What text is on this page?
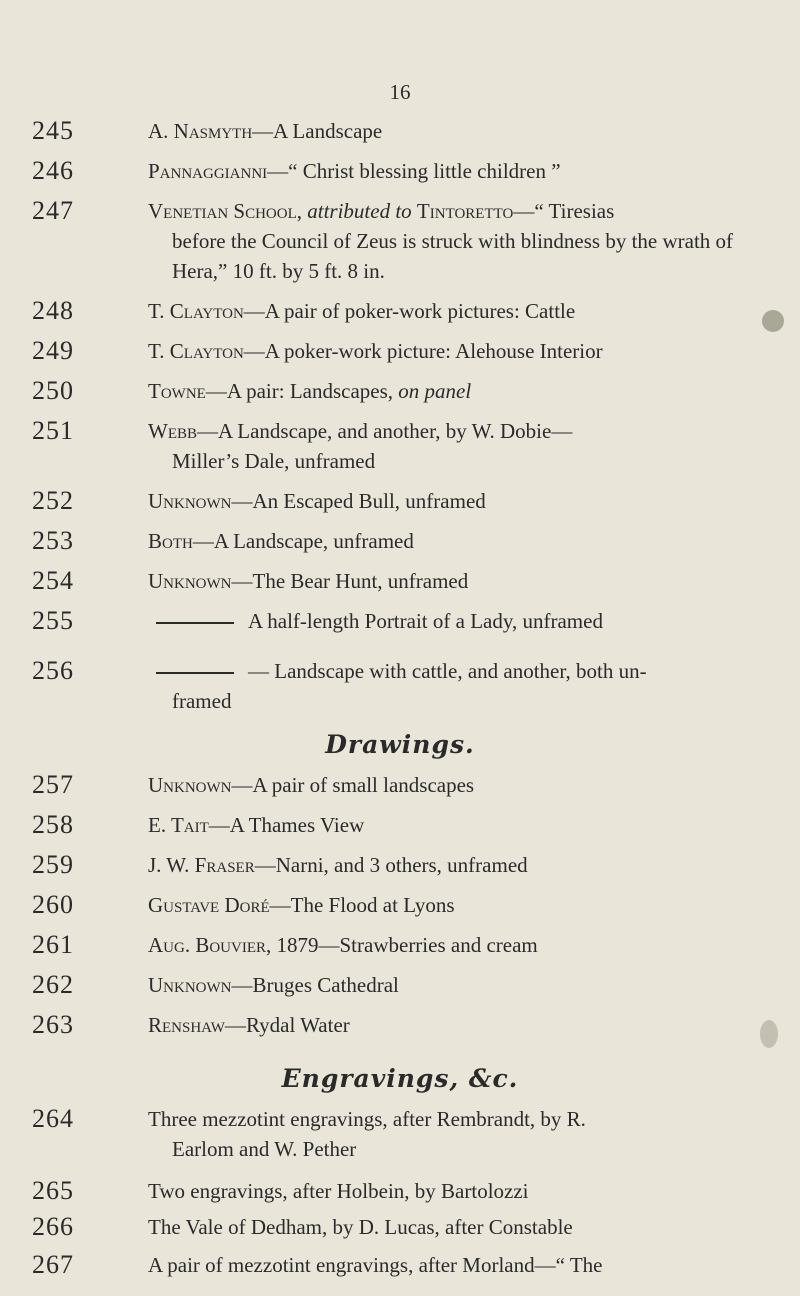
16
245	A. Nasmyth—A Landscape
246	Pannaggianni—“ Christ blessing little children ”
247	Venetian School, attributed to Tintoretto—“ Tiresias
before the Council of Zeus is struck with blindness by the wrath of Hera,” 10 ft. by 5 ft. 8 in.
248	T. Clayton—A pair of poker-work pictures: Cattle
249	T. Clayton—A poker-work picture: Alehouse Interior
250	Towne—A pair: Landscapes, on panel
251	Webb—A Landscape, and another, by W. Dobie—
Miller’s Dale, unframed
252	Unknown—An Escaped Bull, unframed
253	Both—A Landscape, unframed
254	Unknown—The Bear Hunt, unframed
255	A half-length Portrait of a Lady, unframed
256	— Landscape with cattle, and another, both un-
framed
Drawings.
257	Unknown—A pair of small landscapes
258	E. Tait—A Thames View
259	J. W. Fraser—Narni, and 3 others, unframed
260	Gustave Doré—The Flood at Lyons
261	Aug. Bouvier, 1879—Strawberries and cream
262	Unknown—Bruges Cathedral
263	Renshaw—Rydal Water
Engravings, &c.
264	Three mezzotint engravings, after Rembrandt, by R.
Earlom and W. Pether
265	Two engravings, after Holbein, by Bartolozzi
266	The Vale of Dedham, by D. Lucas, after Constable
267	A pair of mezzotint engravings, after Morland—“ The
